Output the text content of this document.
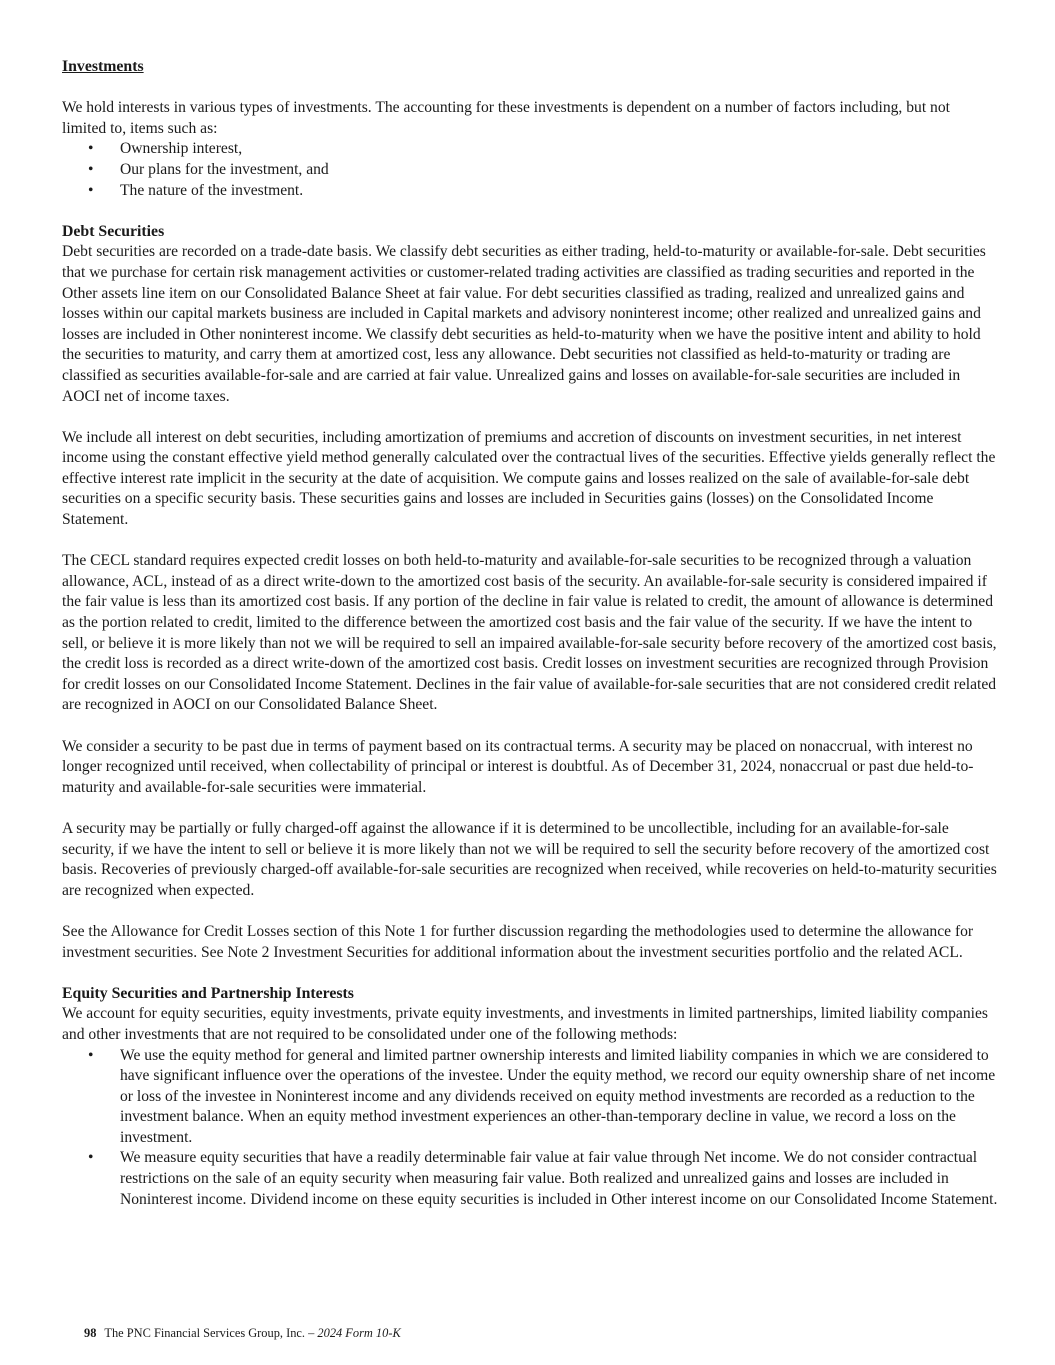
Investments

We hold interests in various types of investments. The accounting for these investments is dependent on a number of factors including, but not limited to, items such as:

• Ownership interest,
• Our plans for the investment, and
• The nature of the investment.

Debt Securities

Debt securities are recorded on a trade-date basis. We classify debt securities as either trading, held-to-maturity or available-for-sale. Debt securities that we purchase for certain risk management activities or customer-related trading activities are classified as trading securities and reported in the Other assets line item on our Consolidated Balance Sheet at fair value. For debt securities classified as trading, realized and unrealized gains and losses within our capital markets business are included in Capital markets and advisory noninterest income; other realized and unrealized gains and losses are included in Other noninterest income. We classify debt securities as held-to-maturity when we have the positive intent and ability to hold the securities to maturity, and carry them at amortized cost, less any allowance. Debt securities not classified as held-to-maturity or trading are classified as securities available-for-sale and are carried at fair value. Unrealized gains and losses on available-for-sale securities are included in AOCI net of income taxes.

We include all interest on debt securities, including amortization of premiums and accretion of discounts on investment securities, in net interest income using the constant effective yield method generally calculated over the contractual lives of the securities. Effective yields generally reflect the effective interest rate implicit in the security at the date of acquisition. We compute gains and losses realized on the sale of available-for-sale debt securities on a specific security basis. These securities gains and losses are included in Securities gains (losses) on the Consolidated Income Statement.

The CECL standard requires expected credit losses on both held-to-maturity and available-for-sale securities to be recognized through a valuation allowance, ACL, instead of as a direct write-down to the amortized cost basis of the security. An available-for-sale security is considered impaired if the fair value is less than its amortized cost basis. If any portion of the decline in fair value is related to credit, the amount of allowance is determined as the portion related to credit, limited to the difference between the amortized cost basis and the fair value of the security. If we have the intent to sell, or believe it is more likely than not we will be required to sell an impaired available-for-sale security before recovery of the amortized cost basis, the credit loss is recorded as a direct write-down of the amortized cost basis. Credit losses on investment securities are recognized through Provision for credit losses on our Consolidated Income Statement. Declines in the fair value of available-for-sale securities that are not considered credit related are recognized in AOCI on our Consolidated Balance Sheet.

We consider a security to be past due in terms of payment based on its contractual terms. A security may be placed on nonaccrual, with interest no longer recognized until received, when collectability of principal or interest is doubtful. As of December 31, 2024, nonaccrual or past due held-to-maturity and available-for-sale securities were immaterial.

A security may be partially or fully charged-off against the allowance if it is determined to be uncollectible, including for an available-for-sale security, if we have the intent to sell or believe it is more likely than not we will be required to sell the security before recovery of the amortized cost basis. Recoveries of previously charged-off available-for-sale securities are recognized when received, while recoveries on held-to-maturity securities are recognized when expected.

See the Allowance for Credit Losses section of this Note 1 for further discussion regarding the methodologies used to determine the allowance for investment securities. See Note 2 Investment Securities for additional information about the investment securities portfolio and the related ACL.

Equity Securities and Partnership Interests

We account for equity securities, equity investments, private equity investments, and investments in limited partnerships, limited liability companies and other investments that are not required to be consolidated under one of the following methods:

• We use the equity method for general and limited partner ownership interests and limited liability companies in which we are considered to have significant influence over the operations of the investee. Under the equity method, we record our equity ownership share of net income or loss of the investee in Noninterest income and any dividends received on equity method investments are recorded as a reduction to the investment balance. When an equity method investment experiences an other-than-temporary decline in value, we record a loss on the investment.
• We measure equity securities that have a readily determinable fair value at fair value through Net income. We do not consider contractual restrictions on the sale of an equity security when measuring fair value. Both realized and unrealized gains and losses are included in Noninterest income. Dividend income on these equity securities is included in Other interest income on our Consolidated Income Statement.
98 The PNC Financial Services Group, Inc. – 2024 Form 10-K
